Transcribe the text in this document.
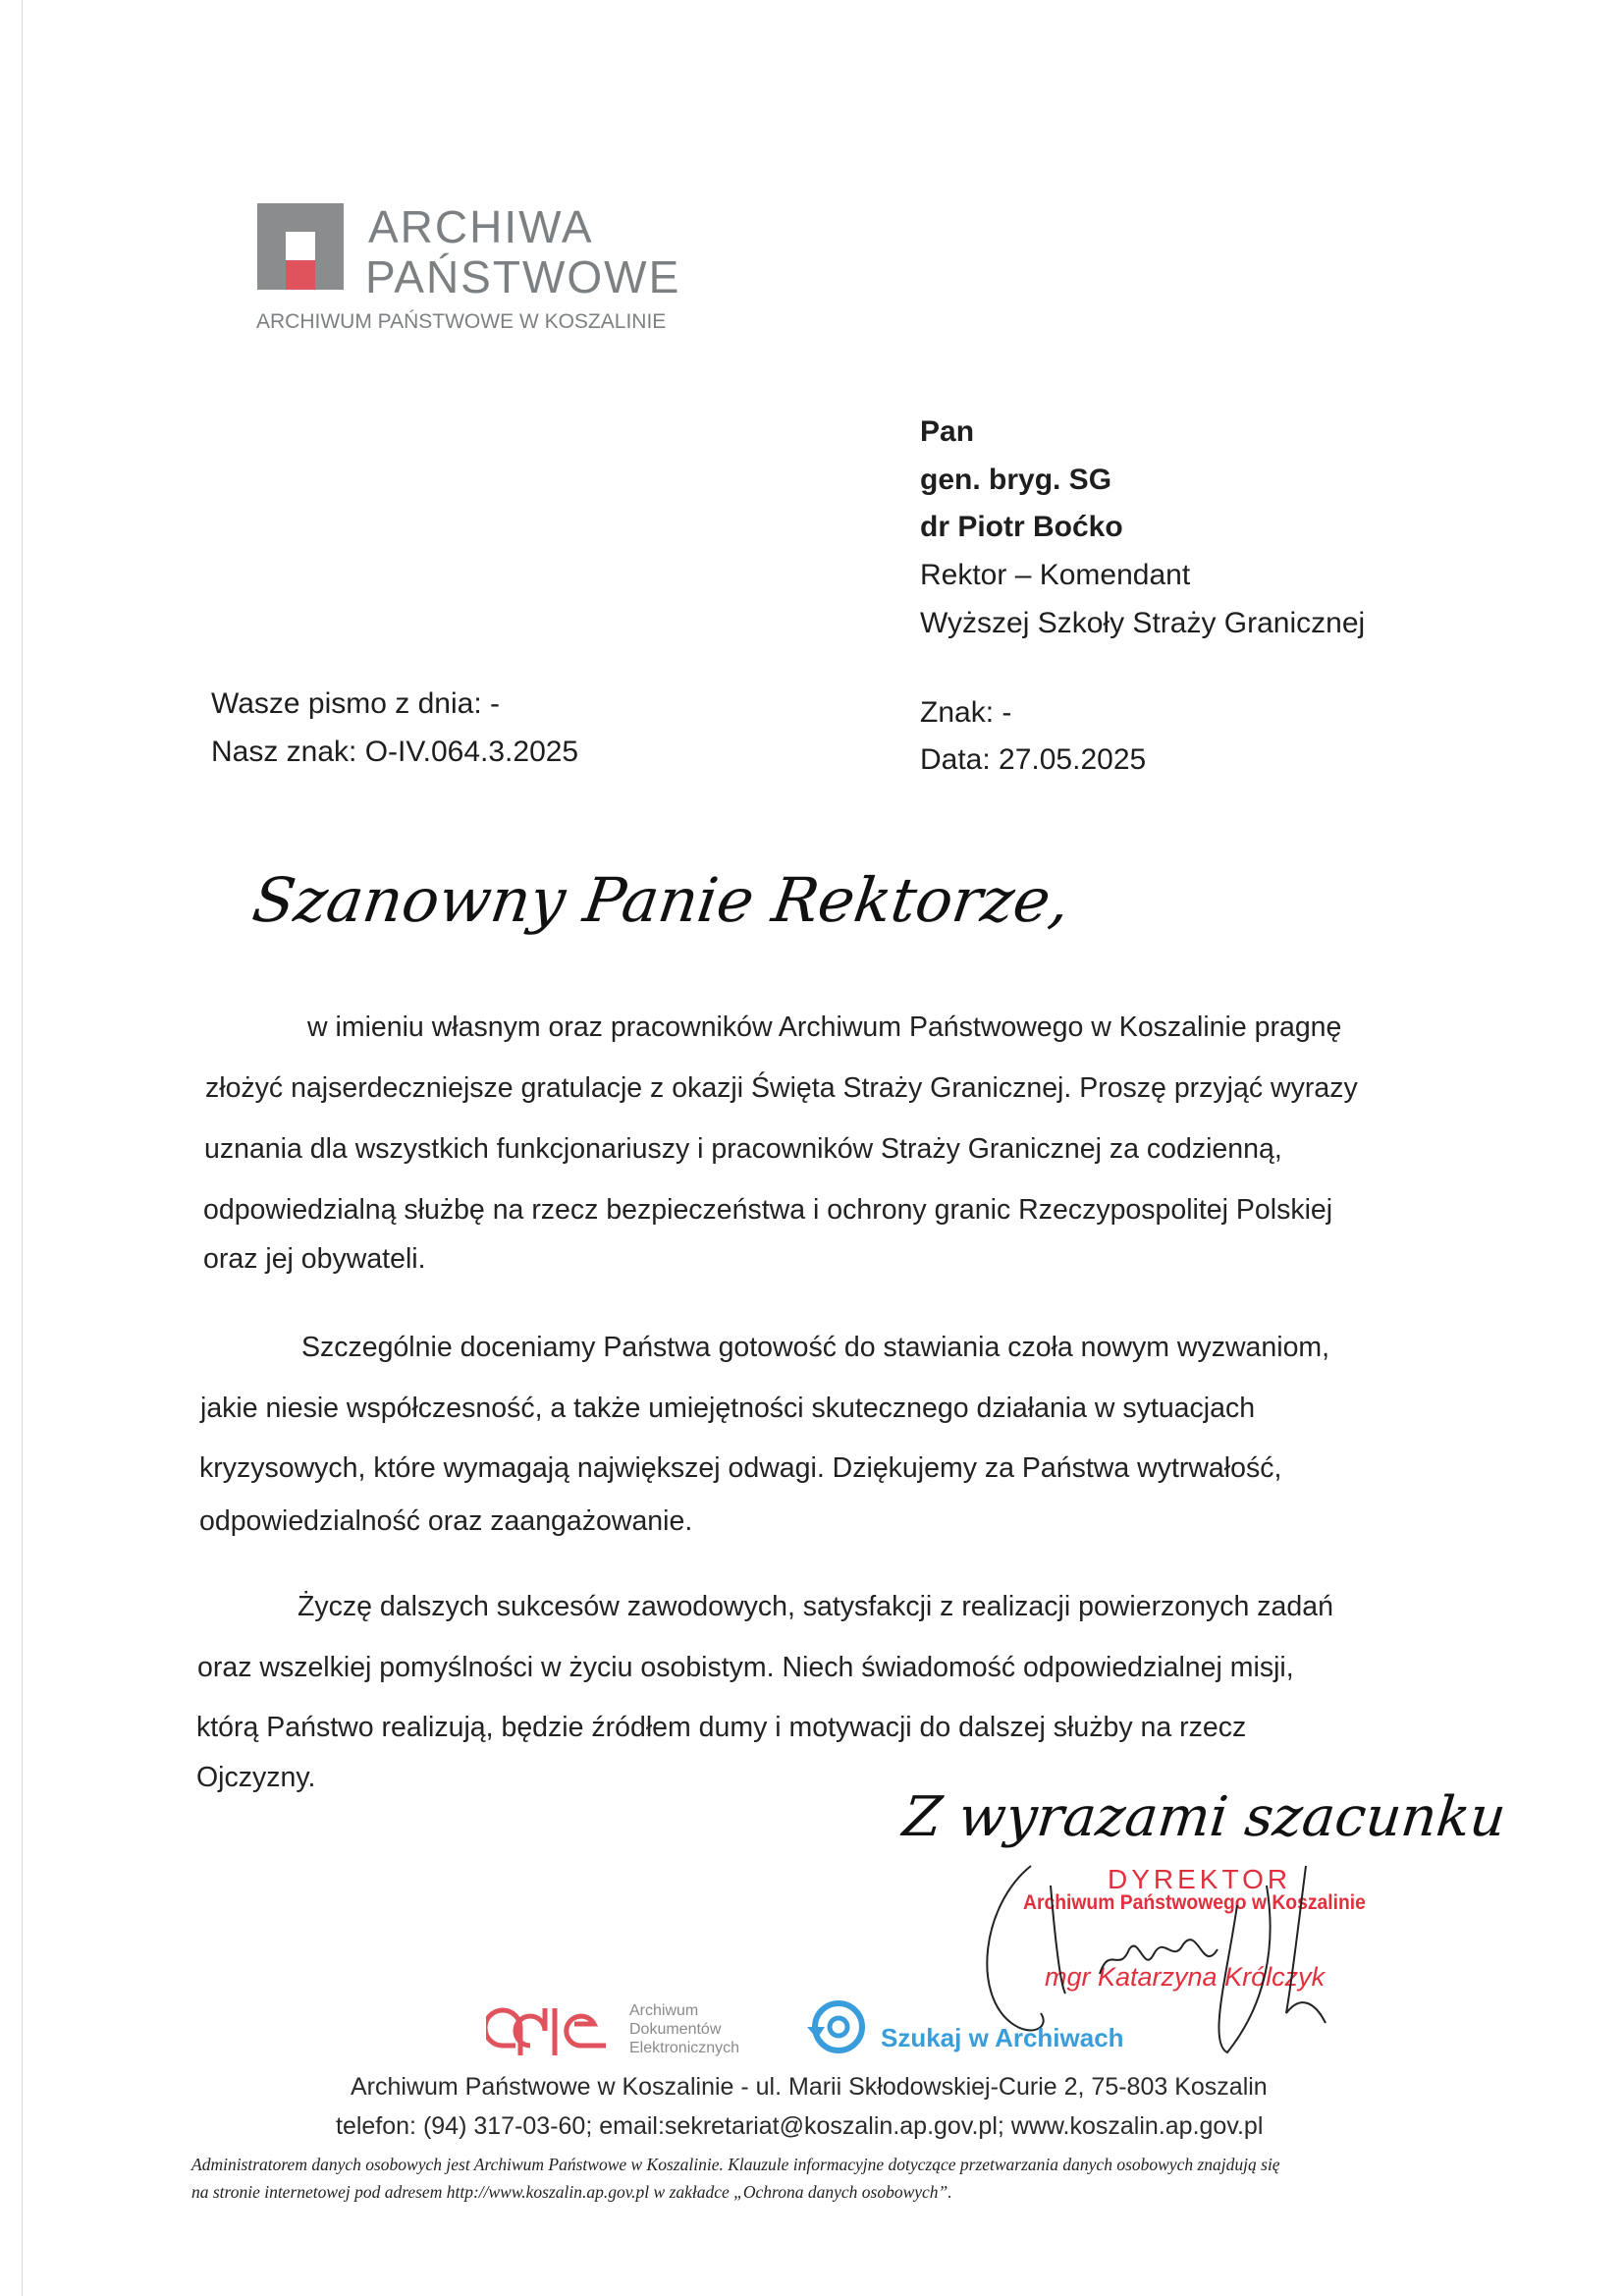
ARCHIWA
PAŃSTWOWE
ARCHIWUM PAŃSTWOWE W KOSZALINIE
Pan
gen. bryg. SG
dr Piotr Boćko
Rektor – Komendant
Wyższej Szkoły Straży Granicznej
Wasze pismo z dnia: -
Nasz znak: O-IV.064.3.2025
Znak: -
Data: 27.05.2025
Szanowny Panie Rektorze,
w imieniu własnym oraz pracowników Archiwum Państwowego w Koszalinie pragnę
złożyć najserdeczniejsze gratulacje z okazji Święta Straży Granicznej. Proszę przyjąć wyrazy
uznania dla wszystkich funkcjonariuszy i pracowników Straży Granicznej za codzienną,
odpowiedzialną służbę na rzecz bezpieczeństwa i ochrony granic Rzeczypospolitej Polskiej
oraz jej obywateli.
Szczególnie doceniamy Państwa gotowość do stawiania czoła nowym wyzwaniom,
jakie niesie współczesność, a także umiejętności skutecznego działania w sytuacjach
kryzysowych, które wymagają największej odwagi. Dziękujemy za Państwa wytrwałość,
odpowiedzialność oraz zaangażowanie.
Życzę dalszych sukcesów zawodowych, satysfakcji z realizacji powierzonych zadań
oraz wszelkiej pomyślności w życiu osobistym. Niech świadomość odpowiedzialnej misji,
którą Państwo realizują, będzie źródłem dumy i motywacji do dalszej służby na rzecz
Ojczyzny.
Z wyrazami szacunku
DYREKTOR
Archiwum Państwowego w Koszalinie
mgr Katarzyna Królczyk
Archiwum
Dokumentów
Elektronicznych	Szukaj w Archiwach
Archiwum Państwowe w Koszalinie - ul. Marii Skłodowskiej-Curie 2, 75-803 Koszalin
telefon: (94) 317-03-60; email:sekretariat@koszalin.ap.gov.pl; www.koszalin.ap.gov.pl
Administratorem danych osobowych jest Archiwum Państwowe w Koszalinie. Klauzule informacyjne dotyczące przetwarzania danych osobowych znajdują się
na stronie internetowej pod adresem http://www.koszalin.ap.gov.pl w zakładce „Ochrona danych osobowych”.
